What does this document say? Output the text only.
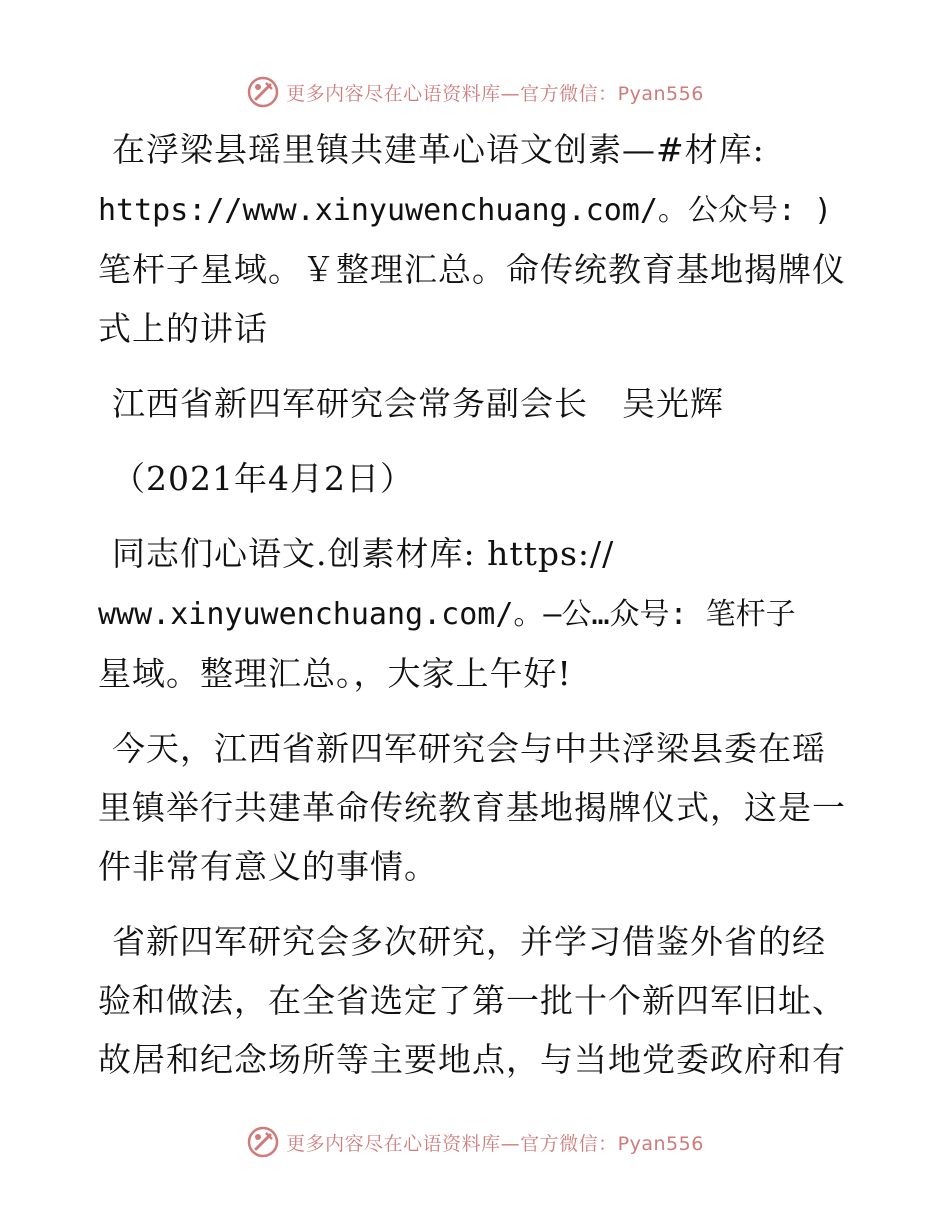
更多内容尽在心语资料库—官方微信：Pyan556

在浮梁县瑶里镇共建革心语文创素—#材库:

https://www.xinyuwenchuang.com/。公众号: )

笔杆子星域。￥整理汇总。命传统教育基地揭牌仪

式上的讲话

江西省新四军研究会常务副会长　吴光辉

（2021年4月2日）

同志们心语文.创素材库: https://

www.xinyuwenchuang.com/。—公…众号: 笔杆子

星域。整理汇总。，大家上午好!

今天，江西省新四军研究会与中共浮梁县委在瑶

里镇举行共建革命传统教育基地揭牌仪式，这是一

件非常有意义的事情。

省新四军研究会多次研究，并学习借鉴外省的经

验和做法，在全省选定了第一批十个新四军旧址、

故居和纪念场所等主要地点，与当地党委政府和有

更多内容尽在心语资料库—官方微信：Pyan556
